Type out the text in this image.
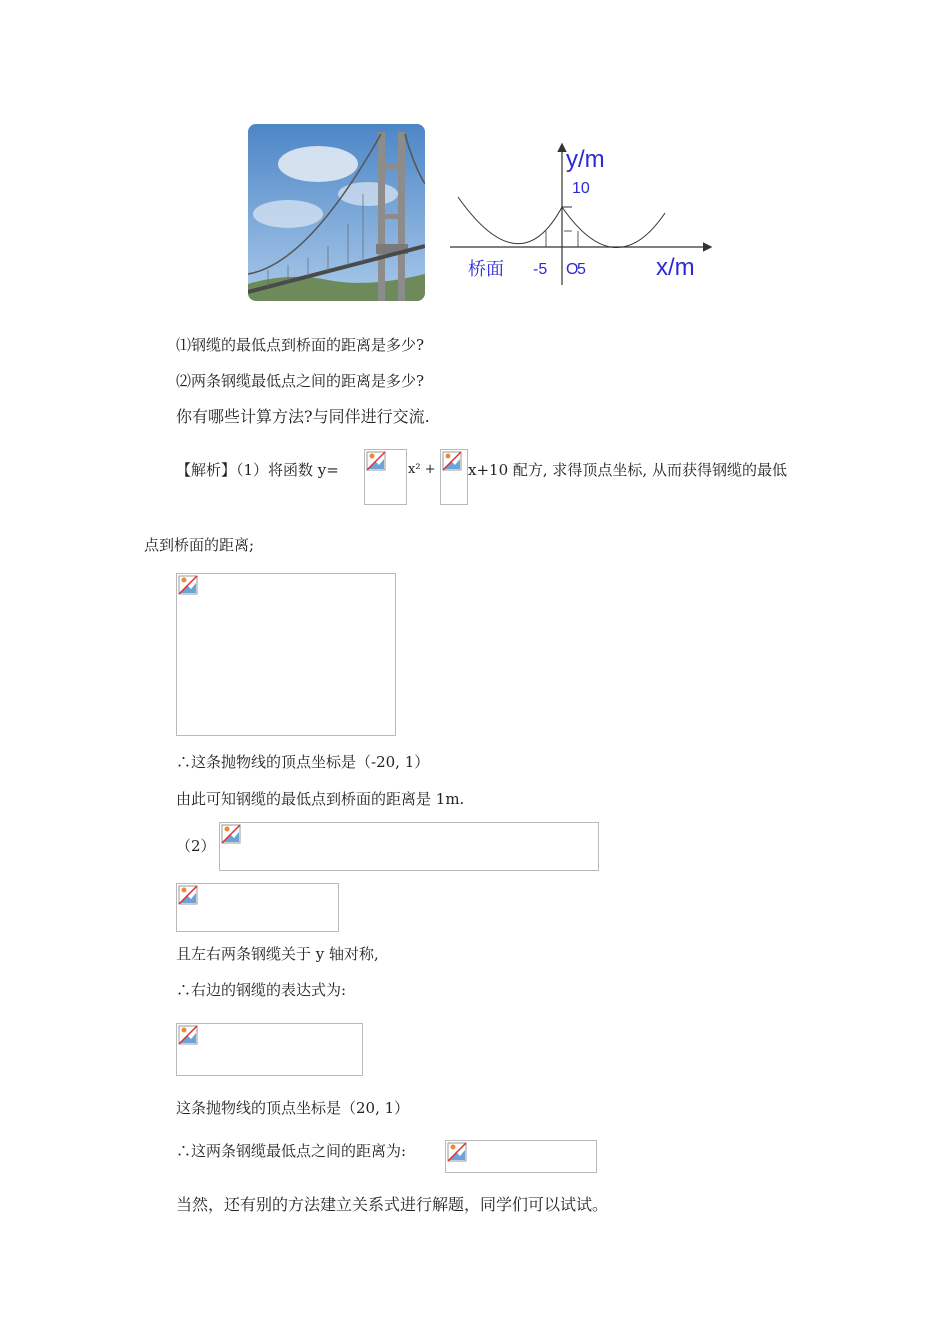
y/m
10
桥面 -5 O
5	x/m
⑴钢缆的最低点到桥面的距离是多少?
⑵两条钢缆最低点之间的距离是多少?
你有哪些计算方法?与同伴进行交流.
【解析】（1）将函数 y=	x² + x+10 配方, 求得顶点坐标, 从而获得钢缆的最低
点到桥面的距离;
∴这条抛物线的顶点坐标是（-20, 1）
由此可知钢缆的最低点到桥面的距离是 1m.
（2）
且左右两条钢缆关于 y 轴对称,
∴右边的钢缆的表达式为:
这条抛物线的顶点坐标是（20, 1）
∴这两条钢缆最低点之间的距离为:
当然，还有别的方法建立关系式进行解题，同学们可以试试。
